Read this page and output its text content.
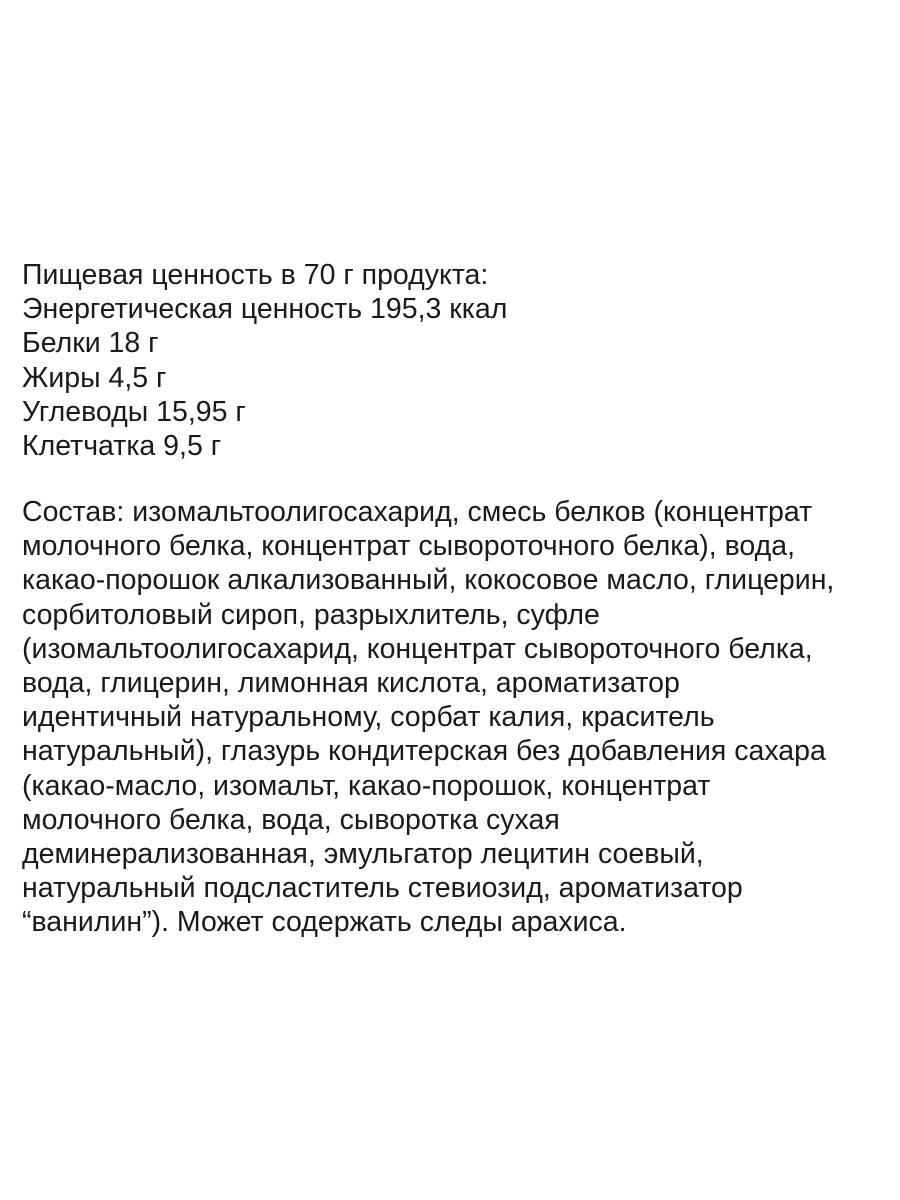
Пищевая ценность в 70 г продукта:
Энергетическая ценность 195,3 ккал
Белки 18 г
Жиры 4,5 г
Углеводы 15,95 г
Клетчатка 9,5 г
Состав: изомальтоолигосахарид, смесь белков (концентрат
молочного белка, концентрат сывороточного белка), вода,
какао-порошок алкализованный, кокосовое масло, глицерин,
сорбитоловый сироп, разрыхлитель, суфле
(изомальтоолигосахарид, концентрат сывороточного белка,
вода, глицерин, лимонная кислота, ароматизатор
идентичный натуральному, сорбат калия, краситель
натуральный), глазурь кондитерская без добавления сахара
(какао-масло, изомальт, какао-порошок, концентрат
молочного белка, вода, сыворотка сухая
деминерализованная, эмульгатор лецитин соевый,
натуральный подсластитель стевиозид, ароматизатор
“ванилин”). Может содержать следы арахиса.
